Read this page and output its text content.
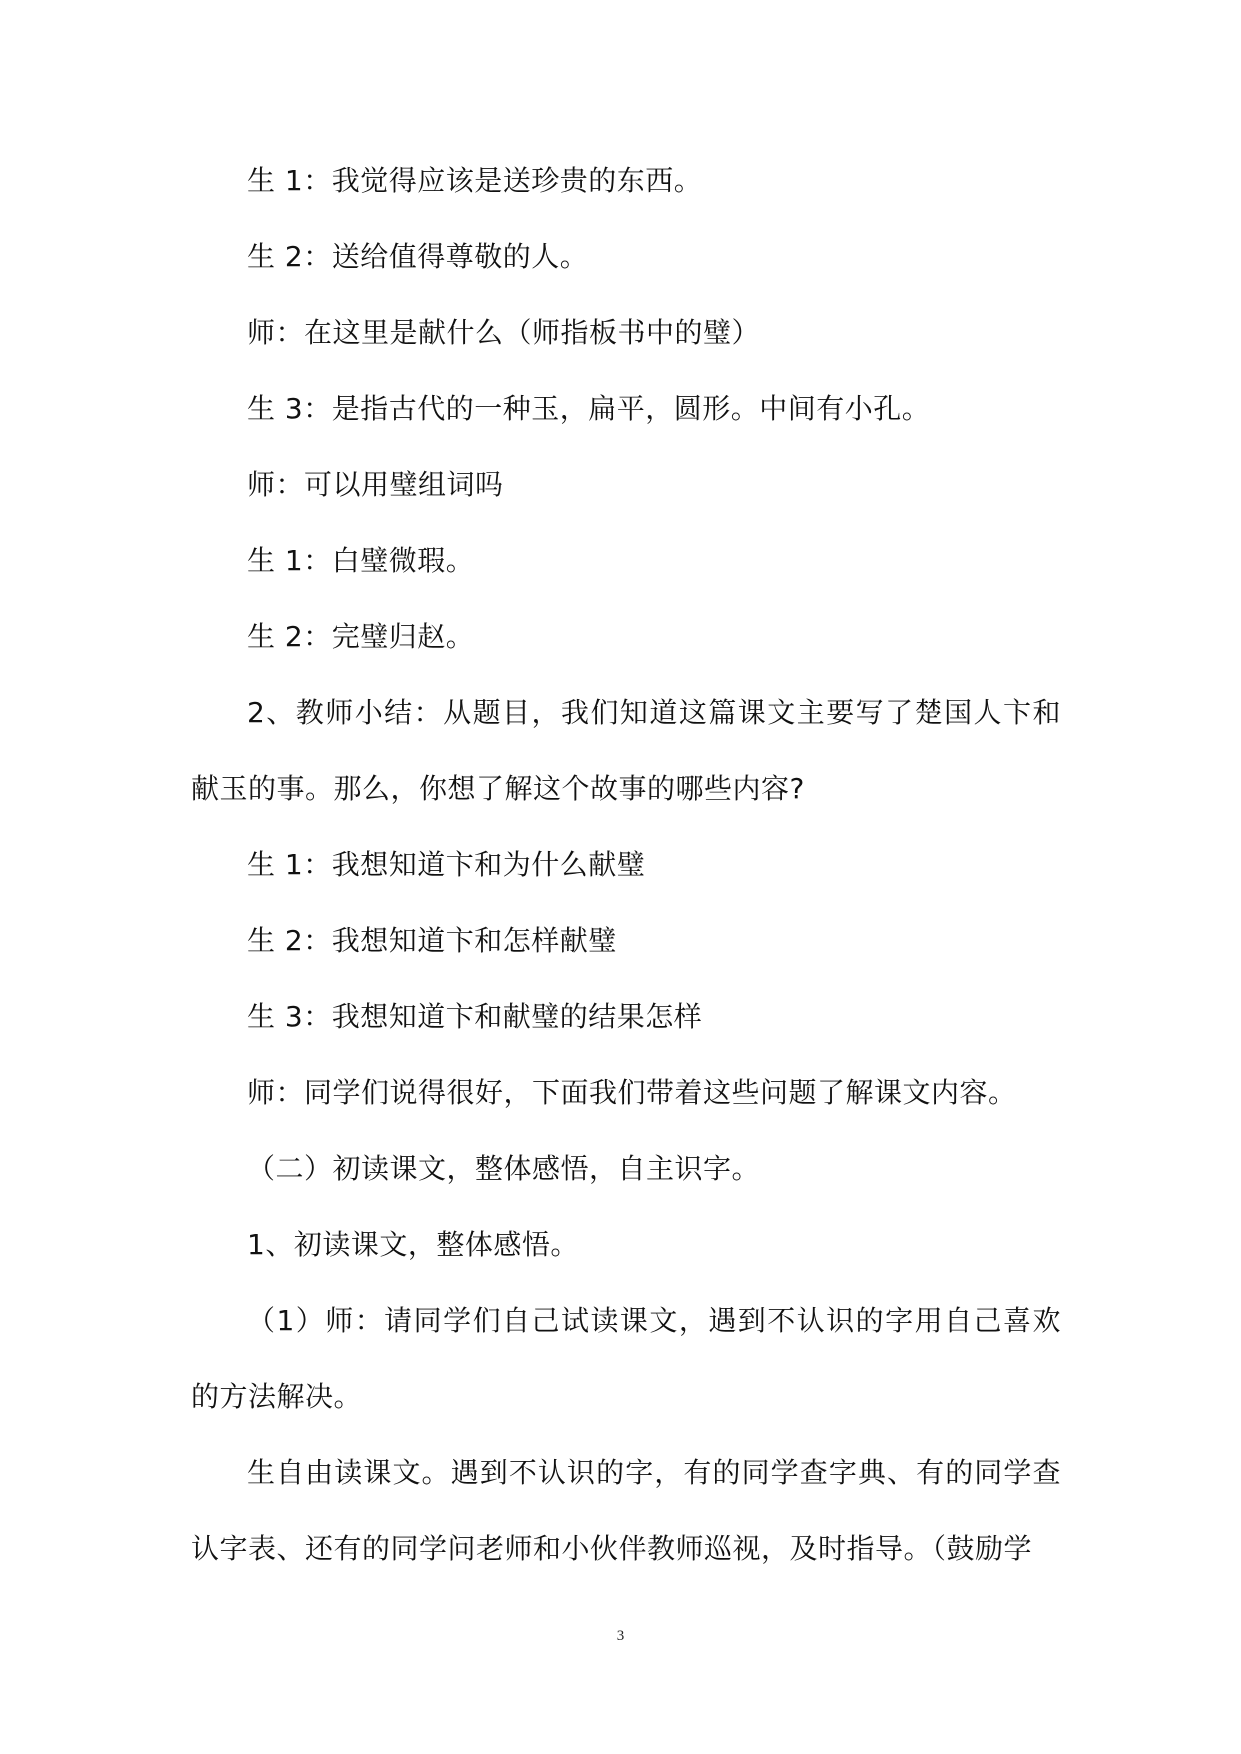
生 1：我觉得应该是送珍贵的东西。

生 2：送给值得尊敬的人。

师：在这里是献什么（师指板书中的璧）

生 3：是指古代的一种玉，扁平，圆形。中间有小孔。

师：可以用璧组词吗

生 1：白璧微瑕。

生 2：完璧归赵。

2、教师小结：从题目，我们知道这篇课文主要写了楚国人卞和献玉的事。那么，你想了解这个故事的哪些内容?

生 1：我想知道卞和为什么献璧

生 2：我想知道卞和怎样献璧

生 3：我想知道卞和献璧的结果怎样

师：同学们说得很好，下面我们带着这些问题了解课文内容。

（二）初读课文，整体感悟，自主识字。

1、初读课文，整体感悟。

（1）师：请同学们自己试读课文，遇到不认识的字用自己喜欢的方法解决。

生自由读课文。遇到不认识的字，有的同学查字典、有的同学查认字表、还有的同学问老师和小伙伴教师巡视，及时指导。（鼓励学

3
